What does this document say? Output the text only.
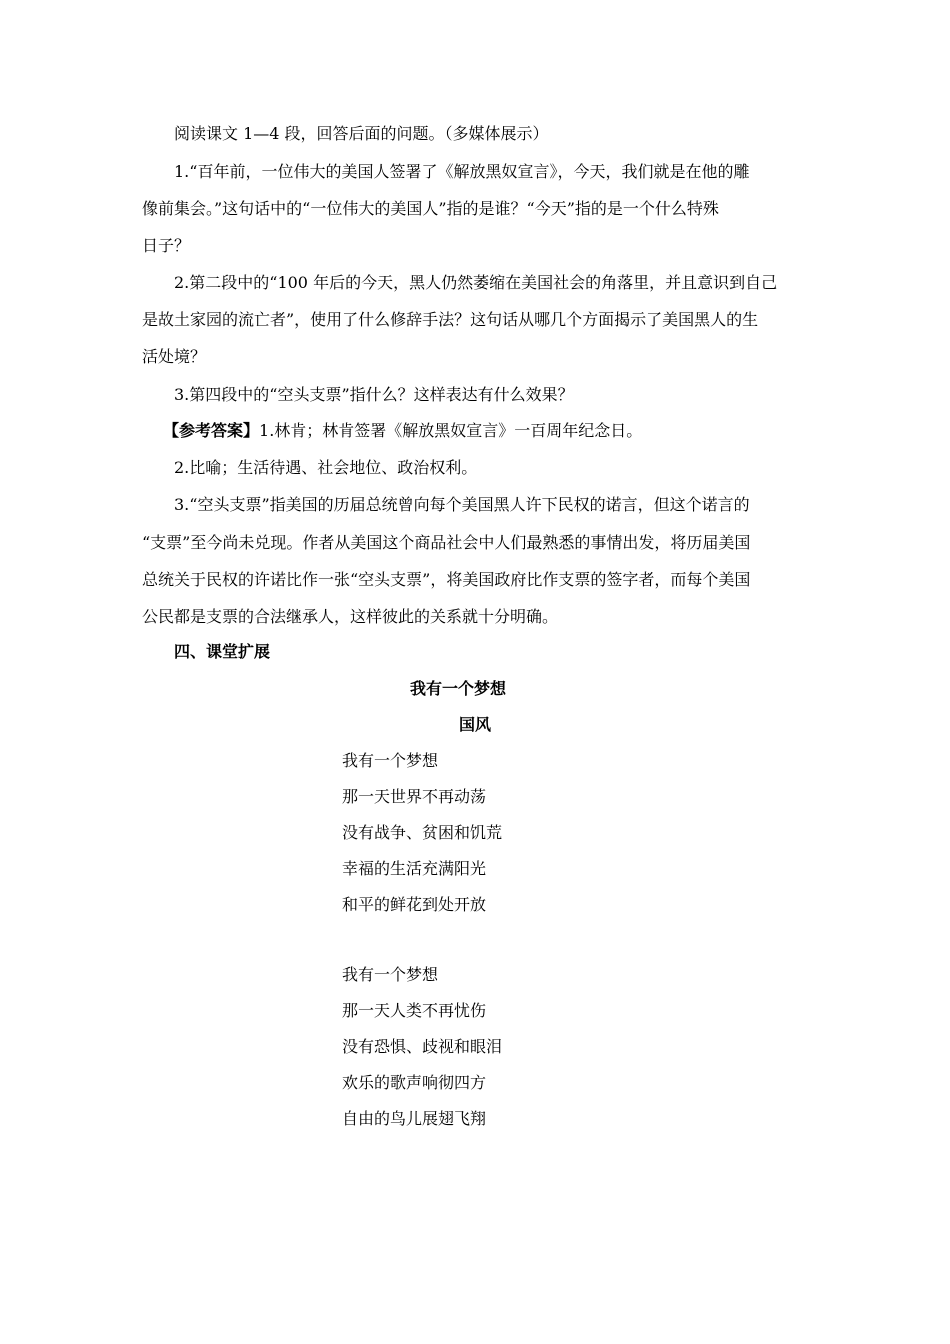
阅读课文 1—4 段，回答后面的问题。（多媒体展示）
1.“百年前，一位伟大的美国人签署了《解放黑奴宣言》，今天，我们就是在他的雕
像前集会。”这句话中的“一位伟大的美国人”指的是谁？“今天”指的是一个什么特殊
日子？
2.第二段中的“100 年后的今天，黑人仍然萎缩在美国社会的角落里，并且意识到自己
是故土家园的流亡者”，使用了什么修辞手法？这句话从哪几个方面揭示了美国黑人的生
活处境？
3.第四段中的“空头支票”指什么？这样表达有什么效果？
【参考答案】1.林肯；林肯签署《解放黑奴宣言》一百周年纪念日。
2.比喻；生活待遇、社会地位、政治权利。
3.“空头支票”指美国的历届总统曾向每个美国黑人许下民权的诺言，但这个诺言的
“支票”至今尚未兑现。作者从美国这个商品社会中人们最熟悉的事情出发，将历届美国
总统关于民权的许诺比作一张“空头支票”，将美国政府比作支票的签字者，而每个美国
公民都是支票的合法继承人，这样彼此的关系就十分明确。
四、课堂扩展
我有一个梦想
国风
我有一个梦想
那一天世界不再动荡
没有战争、贫困和饥荒
幸福的生活充满阳光
和平的鲜花到处开放
我有一个梦想
那一天人类不再忧伤
没有恐惧、歧视和眼泪
欢乐的歌声响彻四方
自由的鸟儿展翅飞翔
